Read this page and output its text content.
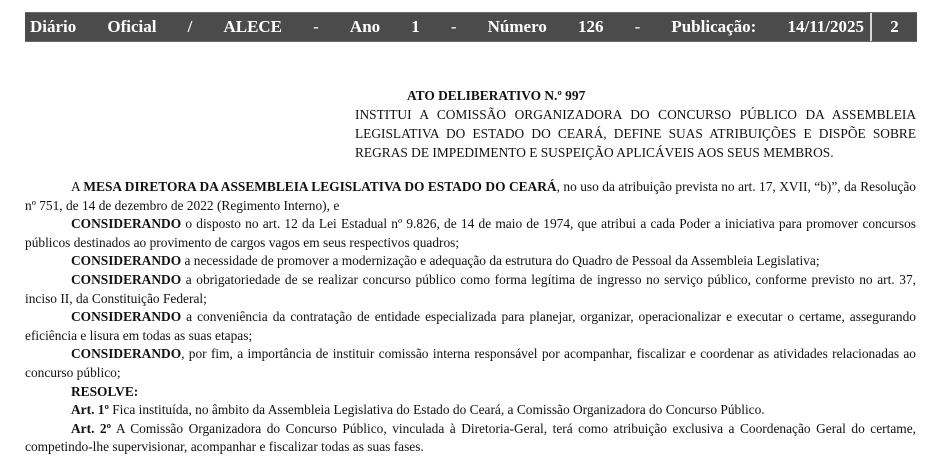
Diário Oficial / ALECE - Ano 1 - Número 126 - Publicação: 14/11/2025	2
ATO DELIBERATIVO N.º 997
INSTITUI A COMISSÃO ORGANIZADORA DO CONCURSO PÚBLICO DA ASSEMBLEIA
LEGISLATIVA DO ESTADO DO CEARÁ, DEFINE SUAS ATRIBUIÇÕES E DISPÕE SOBRE
REGRAS DE IMPEDIMENTO E SUSPEIÇÃO APLICÁVEIS AOS SEUS MEMBROS.

A MESA DIRETORA DA ASSEMBLEIA LEGISLATIVA DO ESTADO DO CEARÁ, no uso da atribuição prevista no art. 17, XVII, “b)”, da Resolução nº 751, de 14 de dezembro de 2022 (Regimento Interno), e

CONSIDERANDO o disposto no art. 12 da Lei Estadual nº 9.826, de 14 de maio de 1974, que atribui a cada Poder a iniciativa para promover concursos públicos destinados ao provimento de cargos vagos em seus respectivos quadros;

CONSIDERANDO a necessidade de promover a modernização e adequação da estrutura do Quadro de Pessoal da Assembleia Legislativa;

CONSIDERANDO a obrigatoriedade de se realizar concurso público como forma legítima de ingresso no serviço público, conforme previsto no art. 37, inciso II, da Constituição Federal;

CONSIDERANDO a conveniência da contratação de entidade especializada para planejar, organizar, operacionalizar e executar o certame, assegurando eficiência e lisura em todas as suas etapas;

CONSIDERANDO, por fim, a importância de instituir comissão interna responsável por acompanhar, fiscalizar e coordenar as atividades relacionadas ao concurso público;

RESOLVE:

Art. 1º Fica instituída, no âmbito da Assembleia Legislativa do Estado do Ceará, a Comissão Organizadora do Concurso Público.

Art. 2º A Comissão Organizadora do Concurso Público, vinculada à Diretoria-Geral, terá como atribuição exclusiva a Coordenação Geral do certame, competindo-lhe supervisionar, acompanhar e fiscalizar todas as suas fases.
